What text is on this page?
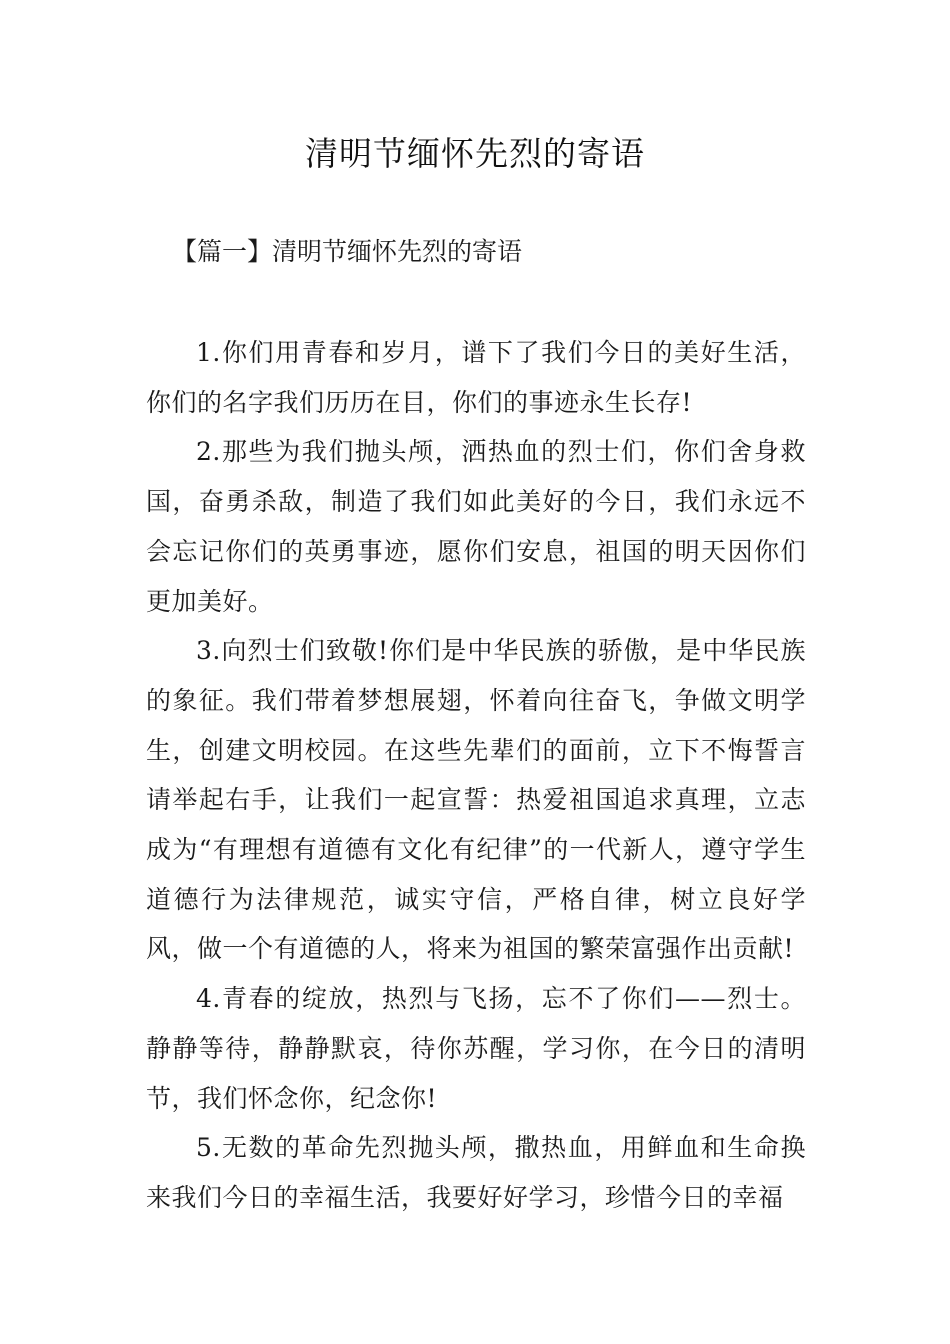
清明节缅怀先烈的寄语
【篇一】清明节缅怀先烈的寄语

1.你们用青春和岁月，谱下了我们今日的美好生活，你们的名字我们历历在目，你们的事迹永生长存!

2.那些为我们抛头颅，洒热血的烈士们，你们舍身救国，奋勇杀敌，制造了我们如此美好的今日，我们永远不会忘记你们的英勇事迹，愿你们安息，祖国的明天因你们更加美好。

3.向烈士们致敬!你们是中华民族的骄傲，是中华民族的象征。我们带着梦想展翅，怀着向往奋飞，争做文明学生，创建文明校园。在这些先辈们的面前，立下不悔誓言请举起右手，让我们一起宣誓：热爱祖国追求真理，立志成为“有理想有道德有文化有纪律”的一代新人，遵守学生道德行为法律规范，诚实守信，严格自律，树立良好学风，做一个有道德的人，将来为祖国的繁荣富强作出贡献!

4.青春的绽放，热烈与飞扬，忘不了你们——烈士。静静等待，静静默哀，待你苏醒，学习你，在今日的清明节，我们怀念你，纪念你!

5.无数的革命先烈抛头颅，撒热血，用鲜血和生命换来我们今日的幸福生活，我要好好学习，珍惜今日的幸福
